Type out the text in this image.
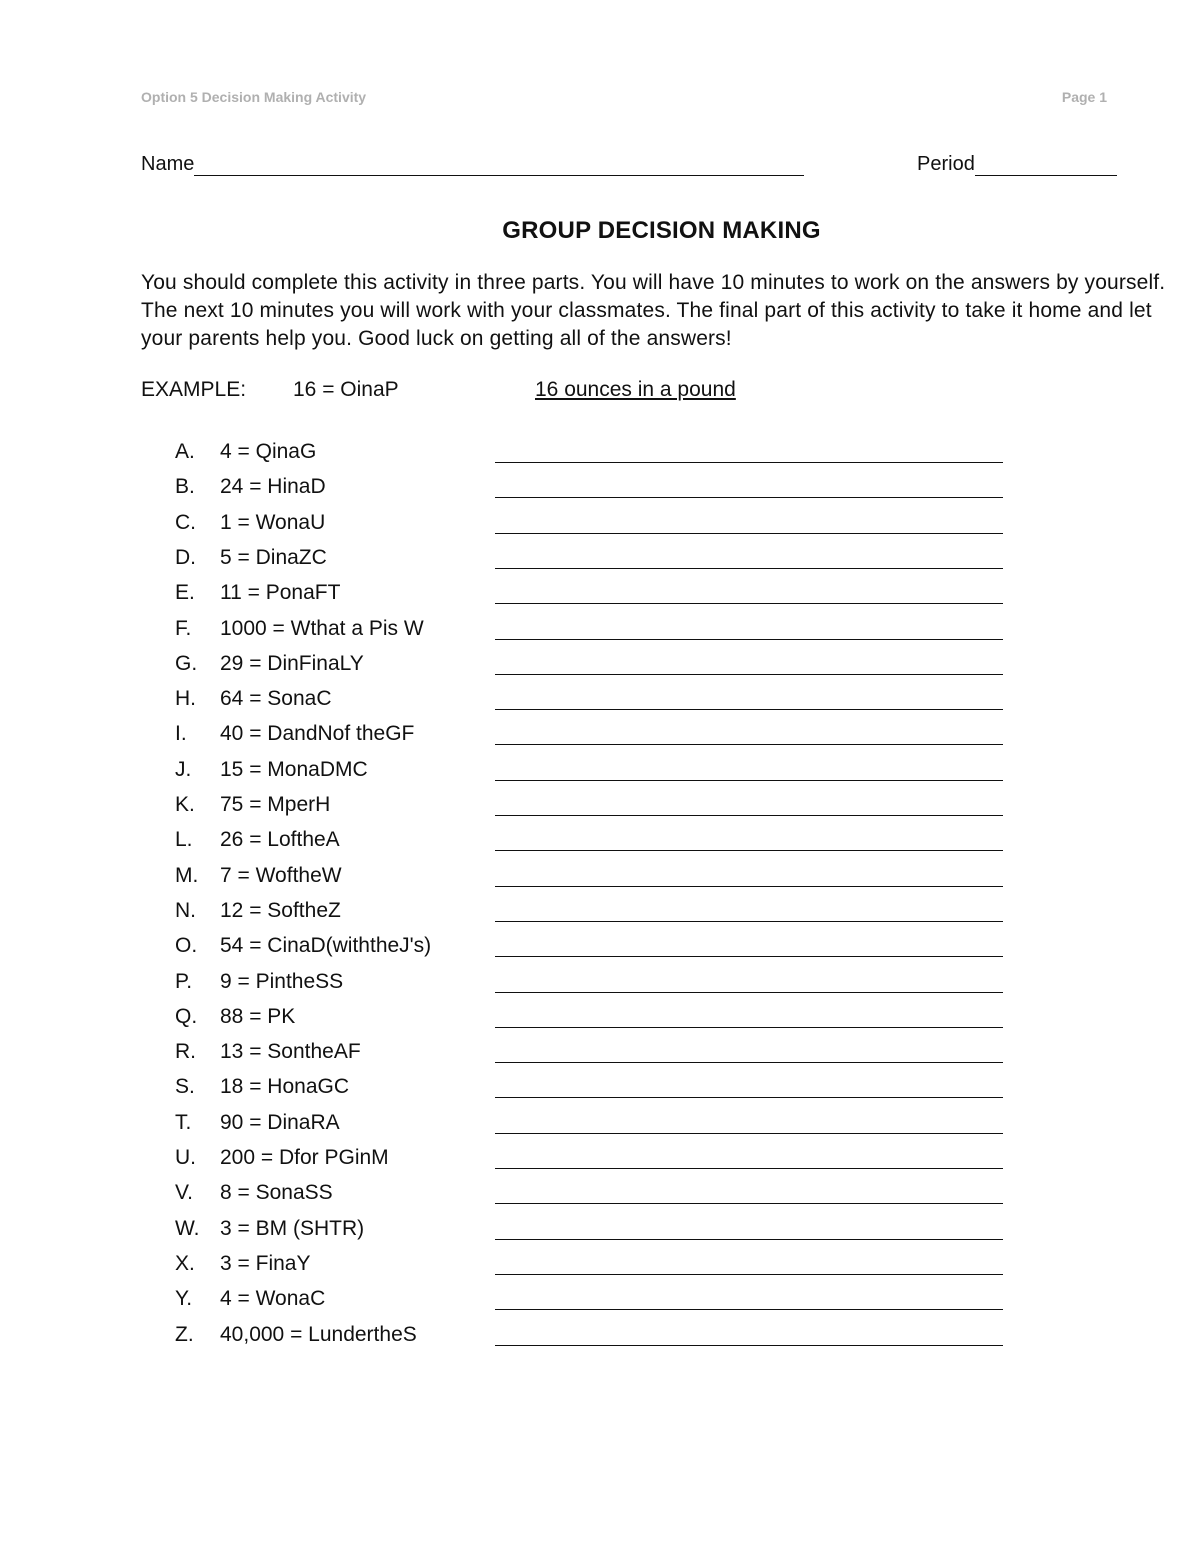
Option 5 Decision Making Activity	Page 1
Name	Period
GROUP DECISION MAKING

You should complete this activity in three parts. You will have 10 minutes to work on the answers by yourself. The next 10 minutes you will work with your classmates. The final part of this activity to take it home and let your parents help you. Good luck on getting all of the answers!

EXAMPLE: 16 = OinaP	16 ounces in a pound
A. 4 = QinaG
B. 24 = HinaD
C. 1 = WonaU
D. 5 = DinaZC
E. 11 = PonaFT
F. 1000 = Wthat a Pis W
G. 29 = DinFinaLY
H. 64 = SonaC
I. 40 = DandNof theGF
J. 15 = MonaDMC
K. 75 = MperH
L. 26 = LoftheA
M. 7 = WoftheW
N. 12 = SoftheZ
O. 54 = CinaD(withtheJ's)
P. 9 = PintheSS
Q. 88 = PK
R. 13 = SontheAF
S. 18 = HonaGC
T. 90 = DinaRA
U. 200 = Dfor PGinM
V. 8 = SonaSS
W. 3 = BM (SHTR)
X. 3 = FinaY
Y. 4 = WonaC
Z. 40,000 = LundertheS
